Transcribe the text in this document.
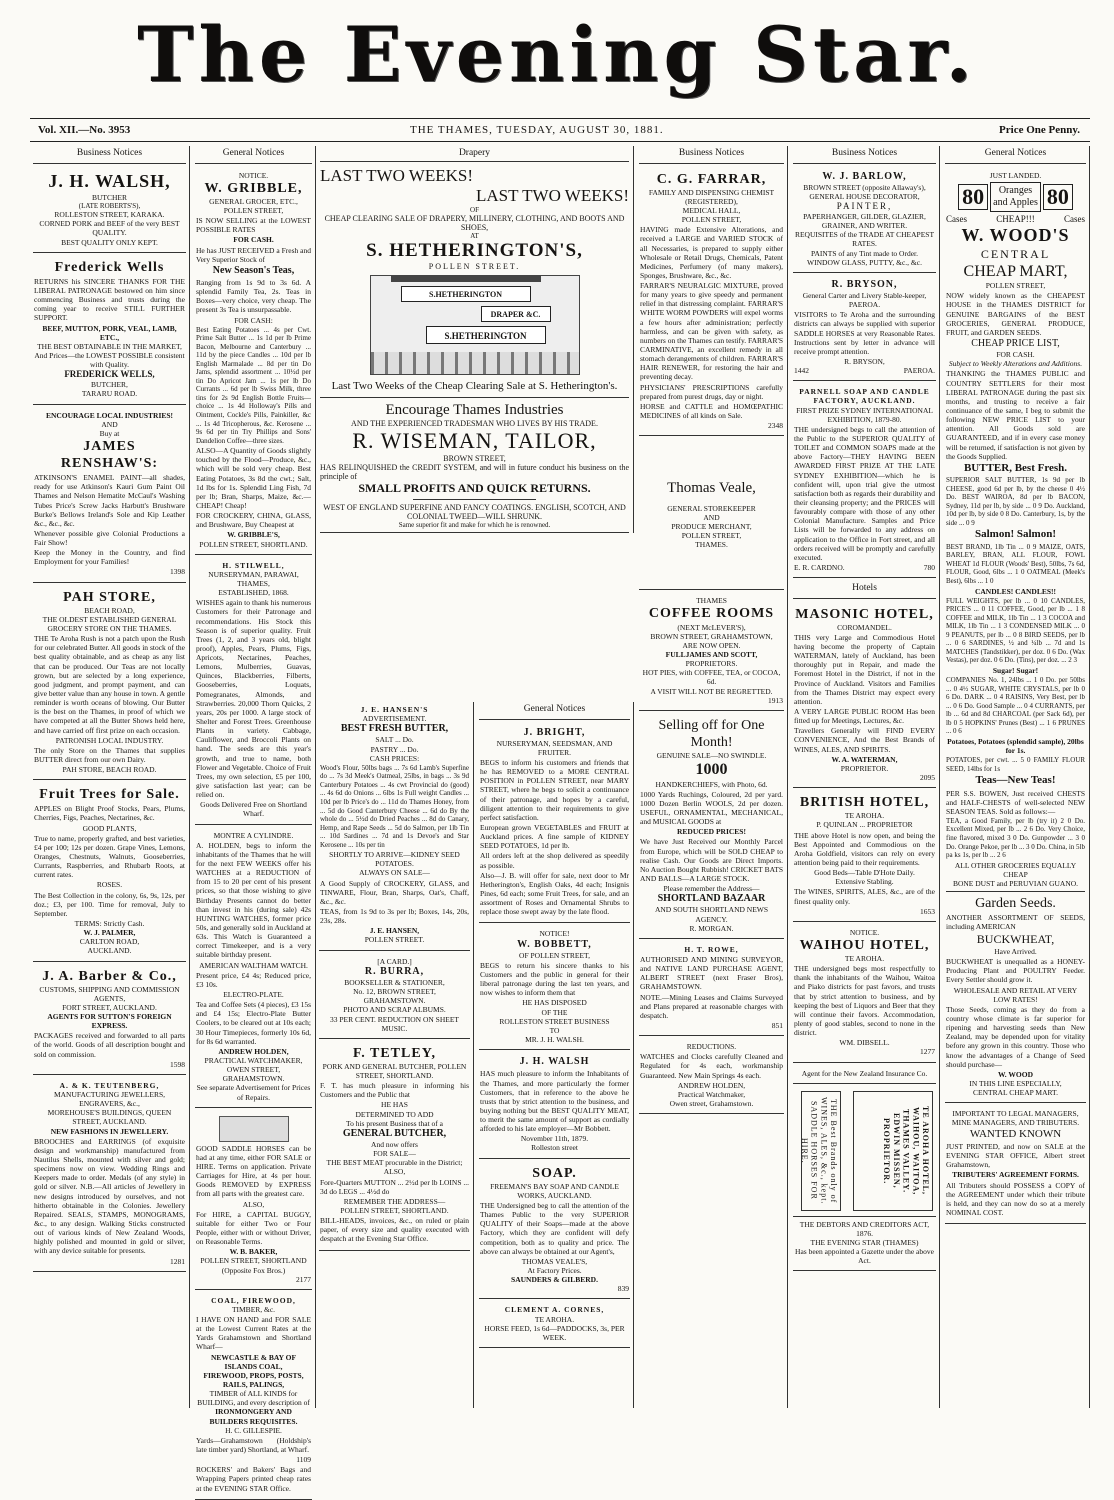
The Evening Star.
Vol. XII.—No. 3953	THE THAMES, TUESDAY, AUGUST 30, 1881.	Price One Penny.
Business Notices
J. H. WALSH,
BUTCHER
(LATE ROBERTS'S),
ROLLESTON STREET, KARAKA.
CORNED PORK and BEEF of the very BEST QUALITY.
BEST QUALITY ONLY KEPT.
Frederick Wells

RETURNS his SINCERE THANKS FOR THE LIBERAL PATRONAGE bestowed on him since commencing Business and trusts during the coming year to receive STILL FURTHER SUPPORT.

BEEF, MUTTON, PORK, VEAL, LAMB, ETC.,
THE BEST OBTAINABLE IN THE MARKET,
And Prices—the LOWEST POSSIBLE consistent with Quality.
FREDERICK WELLS,
BUTCHER,
TARARU ROAD.
ENCOURAGE LOCAL INDUSTRIES!
AND
Buy at
JAMES RENSHAW'S:

ATKINSON'S ENAMEL PAINT—all shades, ready for use Atkinson's Kauri Gum Paint Oil Thames and Nelson Hematite McCaul's Washing Tubes Price's Screw Jacks Harbutt's Brushware Burke's Bellows Ireland's Sole and Kip Leather &c., &c., &c.

Whenever possible give Colonial Productions a Fair Show!

Keep the Money in the Country, and find Employment for your Families!

1398
PAH STORE,
BEACH ROAD,
THE OLDEST ESTABLISHED GENERAL GROCERY STORE ON THE THAMES.

THE Te Aroha Rush is not a patch upon the Rush for our celebrated Butter. All goods in stock of the best quality obtainable, and as cheap as any list that can be produced. Our Teas are not locally grown, but are selected by a long experience, good judgment, and prompt payment, and can give better value than any house in town. A gentle reminder is worth oceans of blowing. Our Butter is the best on the Thames, in proof of which we have competed at all the Butter Shows held here, and have carried off first prize on each occasion.

PATRONISH LOCAL INDUSTRY.

The only Store on the Thames that supplies BUTTER direct from our own Dairy.

PAH STORE, BEACH ROAD.
Fruit Trees for Sale.

APPLES on Blight Proof Stocks, Pears, Plums, Cherries, Figs, Peaches, Nectarines, &c.

GOOD PLANTS,

True to name, properly grafted, and best varieties, £4 per 100; 12s per dozen. Grape Vines, Lemons, Oranges, Chestnuts, Walnuts, Gooseberries, Currants, Raspberries, and Rhubarb Roots, at current rates.

ROSES.

The Best Collection in the colony, 6s, 9s, 12s, per doz.; £3, per 100. Time for removal, July to September.

TERMS: Strictly Cash.
W. J. PALMER,
CARLTON ROAD,
AUCKLAND.
J. A. Barber & Co.,
CUSTOMS, SHIPPING AND COMMISSION AGENTS,
FORT STREET, AUCKLAND.
AGENTS FOR SUTTON'S FOREIGN EXPRESS.

PACKAGES received and forwarded to all parts of the world. Goods of all description bought and sold on commission.

1598
A. & K. TEUTENBERG,
MANUFACTURING JEWELLERS, ENGRAVERS, &c.,
MOREHOUSE'S BUILDINGS, QUEEN STREET, AUCKLAND.
NEW FASHIONS IN JEWELLERY.

BROOCHES and EARRINGS (of exquisite design and workmanship) manufactured from Nautilus Shells, mounted with silver and gold; specimens now on view. Wedding Rings and Keepers made to order. Medals (of any style) in gold or silver. N.B.—All articles of Jewellery in new designs introduced by ourselves, and not hitherto obtainable in the Colonies. Jewellery Repaired. SEALS, STAMPS, MONOGRAMS, &c., to any design. Walking Sticks constructed out of various kinds of New Zealand Woods, highly polished and mounted in gold or silver, with any device suitable for presents.

1281
General Notices
NOTICE.
W. GRIBBLE,
GENERAL GROCER, ETC.,
POLLEN STREET,

IS NOW SELLING at the LOWEST POSSIBLE RATES

FOR CASH.

He has JUST RECEIVED a Fresh and Very Superior Stock of

New Season's Teas,

Ranging from 1s 9d to 3s 6d. A splendid Family Tea, 2s. Teas in Boxes—very choice, very cheap. The present 3s Tea is unsurpassable.

FOR CASH:

Best Eating Potatoes ... 4s per Cwt. Prime Salt Butter ... 1s 1d per lb Prime Bacon, Melbourne and Canterbury ... 11d by the piece Candles ... 10d per lb English Marmalade ... 8d per tin Do Jams, splendid assortment ... 10½d per tin Do Apricot Jam ... 1s per lb Do Currants ... 6d per lb Swiss Milk, three tins for 2s 9d English Bottle Fruits—choice ... 1s 4d Holloway's Pills and Ointment, Cockle's Pills, Painkiller, &c ... 1s 4d Tricopherous, &c. Kerosene ... 9s 6d per tin Try Phillips and Sons' Dandelion Coffee—three sizes.

ALSO—A Quantity of Goods slightly touched by the Flood—Produce, &c., which will be sold very cheap. Best Eating Potatoes, 3s 8d the cwt.; Salt, 1d lbs for 1s. Splendid Ling Fish, 7d per lb; Bran, Sharps, Maize, &c.—CHEAP! Cheap!

FOR CROCKERY, CHINA, GLASS, and Brushware, Buy Cheapest at

W. GRIBBLE'S,
POLLEN STREET, SHORTLAND.
H. STILWELL,
NURSERYMAN, PARAWAI, THAMES,
ESTABLISHED, 1868.

WISHES again to thank his numerous Customers for their Patronage and recommendations. His Stock this Season is of superior quality. Fruit Trees (1, 2, and 3 years old, blight proof), Apples, Pears, Plums, Figs, Apricots, Nectarines, Peaches, Lemons, Mulberries, Guavas, Quinces, Blackberries, Filberts, Gooseberries, Loquats, Pomegranates, Almonds, and Strawberries. 20,000 Thorn Quicks, 2 years, 20s per 1000. A large stock of Shelter and Forest Trees. Greenhouse Plants in variety. Cabbage, Cauliflower, and Broccoli Plants on hand. The seeds are this year's growth, and true to name, both Flower and Vegetable. Choice of Fruit Trees, my own selection, £5 per 100, give satisfaction last year; can be relied on.

Goods Delivered Free on Shortland Wharf.
MONTRE A CYLINDRE.

A. HOLDEN, begs to inform the inhabitants of the Thames that he will for the next FEW WEEKS offer his WATCHES at a REDUCTION of from 15 to 20 per cent of his present prices, so that those wishing to give Birthday Presents cannot do better than invest in his (during sale) 42s HUNTING WATCHES, former price 50s, and generally sold in Auckland at 63s. This Watch is Guaranteed a correct Timekeeper, and is a very suitable birthday present.

AMERICAN WALTHAM WATCH.

Present price, £4 4s; Reduced price, £3 10s.

ELECTRO-PLATE.

Tea and Coffee Sets (4 pieces), £3 15s and £4 15s; Electro-Plate Butter Coolers, to be cleared out at 10s each; 30 Hour Timepieces, formerly 10s 6d, for 8s 6d warranted.

ANDREW HOLDEN,
PRACTICAL WATCHMAKER,
OWEN STREET, GRAHAMSTOWN.
See separate Advertisement for Prices of Repairs.

GOOD SADDLE HORSES can be had at any time, either FOR SALE or HIRE. Terms on application. Private Carriages for Hire, at 4s per hour. Goods REMOVED by EXPRESS from all parts with the greatest care.

ALSO,

For HIRE, a CAPITAL BUGGY, suitable for either Two or Four People, either with or without Driver, on Reasonable Terms.

W. B. BAKER,
POLLEN STREET, SHORTLAND
(Opposite Fox Bros.)
2177
COAL, FIREWOOD,
TIMBER, &c.

I HAVE ON HAND and FOR SALE at the Lowest Current Rates at the Yards Grahamstown and Shortland Wharf—

NEWCASTLE & BAY OF ISLANDS COAL,
FIREWOOD, PROPS, POSTS, RAILS, PALINGS,
TIMBER of ALL KINDS for BUILDING, and every description of
IRONMONGERY AND BUILDERS REQUISITES.
H. C. GILLESPIE.

Yards—Grahamstown (Holdship's late timber yard) Shortland, at Wharf.

1109

ROCKERS' and Bakers' Bags and Wrapping Papers printed cheap rates at the EVENING STAR Office.

Drapery
LAST TWO WEEKS!
LAST TWO WEEKS!
OF

CHEAP CLEARING SALE OF DRAPERY, MILLINERY, CLOTHING, AND BOOTS AND SHOES,

AT
S. HETHERINGTON'S,
POLLEN STREET.
S.HETHERINGTON
DRAPER &C.
S.HETHERINGTON
Last Two Weeks of the Cheap Clearing Sale at S. Hetherington's.
Encourage Thames Industries
AND THE EXPERIENCED TRADESMAN WHO LIVES BY HIS TRADE.
R. WISEMAN, TAILOR,
BROWN STREET,

HAS RELINQUISHED the CREDIT SYSTEM, and will in future conduct his business on the principle of

SMALL PROFITS AND QUICK RETURNS.

WEST OF ENGLAND SUPERFINE AND FANCY COATINGS. ENGLISH, SCOTCH, AND COLONIAL TWEED—WILL SHRUNK.

Same superior fit and make for which he is renowned.
J. E. HANSEN'S
ADVERTISEMENT.
BEST FRESH BUTTER,
SALT ... Do.
PASTRY ... Do.
CASH PRICES:

Wood's Flour, 50lbs bags ... 7s 6d Lamb's Superfine do ... 7s 3d Meek's Oatmeal, 25lbs, in bags ... 3s 9d Canterbury Potatoes ... 4s cwt Provincial do (good) ... 4s 6d do Onions ... 6lbs 1s Full weight Candles ... 10d per lb Price's do ... 11d do Thames Honey, from ... 5d do Good Canterbury Cheese ... 6d do By the whole do ... 5½d do Dried Peaches ... 8d do Canary, Hemp, and Rape Seeds ... 5d do Salmon, per 1lb Tin ... 10d Sardines ... 7d and 1s Devoe's and Star Kerosene ... 10s per tin

SHORTLY TO ARRIVE—KIDNEY SEED POTATOES.
ALWAYS ON SALE—

A Good Supply of CROCKERY, GLASS, and TINWARE, Flour, Bran, Sharps, Oat's, Chaff, &c., &c.

TEAS, from 1s 9d to 3s per lb; Boxes, 14s, 20s, 23s, 28s.

J. E. HANSEN,
POLLEN STREET.
[A CARD.]
R. BURRA,
BOOKSELLER & STATIONER,
No. 12, BROWN STREET,
GRAHAMSTOWN.
PHOTO AND SCRAP ALBUMS.
33 PER CENT. REDUCTION ON SHEET MUSIC.
F. TETLEY,
PORK AND GENERAL BUTCHER, POLLEN STREET, SHORTLAND.

F. T. has much pleasure in informing his Customers and the Public that

HE HAS
DETERMINED TO ADD
To his present Business that of a
GENERAL BUTCHER,
And now offers
FOR SALE—
THE BEST MEAT procurable in the District;
ALSO,

Fore-Quarters MUTTON ... 2½d per lb LOINS ... 3d do LEGS ... 4½d do

REMEMBER THE ADDRESS—
POLLEN STREET, SHORTLAND.

BILL-HEADS, invoices, &c., on ruled or plain paper, of every size and quality executed with despatch at the Evening Star Office.

General Notices
J. BRIGHT,
NURSERYMAN, SEEDSMAN, AND FRUITER.

BEGS to inform his customers and friends that he has REMOVED to a MORE CENTRAL POSITION in POLLEN STREET, near MARY STREET, where he begs to solicit a continuance of their patronage, and hopes by a careful, diligent attention to their requirements to give perfect satisfaction.

European grown VEGETABLES and FRUIT at Auckland prices. A fine sample of KIDNEY SEED POTATOES, 1d per lb.

All orders left at the shop delivered as speedily as possible.

Also—J. B. will offer for sale, next door to Mr Hetherington's, English Oaks, 4d each; Insignis Pines, 6d each; some Fruit Trees, for sale, and an assortment of Roses and Ornamental Shrubs to replace those swept away by the late flood.

NOTICE!
W. BOBBETT,
OF POLLEN STREET,

BEGS to return his sincere thanks to his Customers and the public in general for their liberal patronage during the last ten years, and now wishes to inform them that

HE HAS DISPOSED
OF THE
ROLLESTON STREET BUSINESS
TO
MR. J. H. WALSH.
J. H. WALSH

HAS much pleasure to inform the Inhabitants of the Thames, and more particularly the former Customers, that in reference to the above he trusts that by strict attention to the business, and buying nothing but the BEST QUALITY MEAT, to merit the same amount of support as cordially afforded to his late employer—Mr Bobbett.

November 11th, 1879.
Rolleston street
SOAP.
FREEMAN'S BAY SOAP AND CANDLE WORKS, AUCKLAND.

THE Undersigned beg to call the attention of the Thames Public to the very SUPERIOR QUALITY of their Soaps—made at the above Factory, which they are confident will defy competition, both as to quality and price. The above can always be obtained at our Agent's,

THOMAS VEALE'S,
At Factory Prices.
SAUNDERS & GILBERD.
839
CLEMENT A. CORNES,
TE AROHA.
HORSE FEED, 1s 6d—PADDOCKS, 3s, PER WEEK.
Business Notices
C. G. FARRAR,
FAMILY AND DISPENSING CHEMIST (REGISTERED),
MEDICAL HALL,
POLLEN STREET,

HAVING made Extensive Alterations, and received a LARGE and VARIED STOCK of all Necessaries, is prepared to supply either Wholesale or Retail Drugs, Chemicals, Patent Medicines, Perfumery (of many makers), Sponges, Brushware, &c., &c.

FARRAR'S NEURALGIC MIXTURE, proved for many years to give speedy and permanent relief in that distressing complaint. FARRAR'S WHITE WORM POWDERS will expel worms a few hours after administration; perfectly harmless, and can be given with safety, as numbers on the Thames can testify. FARRAR'S CARMINATIVE, an excellent remedy in all stomach derangements of children. FARRAR'S HAIR RENEWER, for restoring the hair and preventing decay.

PHYSICIANS' PRESCRIPTIONS carefully prepared from purest drugs, day or night.

HORSE and CATTLE and HOMŒPATHIC MEDICINES of all kinds on Sale.

2348
Thomas Veale,
GENERAL STOREKEEPER
AND
PRODUCE MERCHANT,
POLLEN STREET,
THAMES.
THAMES
COFFEE ROOMS
(NEXT McLEVER'S),
BROWN STREET, GRAHAMSTOWN,
ARE NOW OPEN.
FULLJAMES AND SCOTT,
PROPRIETORS.
HOT PIES, with COFFEE, TEA, or COCOA, 6d.
A VISIT WILL NOT BE REGRETTED.
1913
Selling off for One Month!
GENUINE SALE—NO SWINDLE.
1000
HANDKERCHIEFS, with Photo, 6d.

1000 Yards Ruchings, Coloured, 2d per yard. 1000 Dozen Berlin WOOLS, 2d per dozen. USEFUL, ORNAMENTAL, MECHANICAL, and MUSICAL GOODS at

REDUCED PRICES!

We have Just Received our Monthly Parcel from Europe, which will be SOLD CHEAP to realise Cash. Our Goods are Direct Imports. No Auction Bought Rubbish! CRICKET BATS AND BALLS—A LARGE STOCK.

Please remember the Address—
SHORTLAND BAZAAR
AND SOUTH SHORTLAND NEWS AGENCY.
R. MORGAN.
H. T. ROWE,

AUTHORISED AND MINING SURVEYOR, and NATIVE LAND PURCHASE AGENT, ALBERT STREET (next Fraser Bros), GRAHAMSTOWN.

NOTE.—Mining Leases and Claims Surveyed and Plans prepared at reasonable charges with despatch.

851
REDUCTIONS.

WATCHES and Clocks carefully Cleaned and Regulated for 4s each, workmanship Guaranteed. New Main Springs 4s each.

ANDREW HOLDEN,
Practical Watchmaker,
Owen street, Grahamstown.
Business Notices
W. J. BARLOW,
BROWN STREET (opposite Allaway's),
GENERAL HOUSE DECORATOR,
PAINTER,
PAPERHANGER, GILDER, GLAZIER, GRAINER, AND WRITER.
REQUISITES of the TRADE AT CHEAPEST RATES.
PAINTS of any Tint made to Order.
WINDOW GLASS, PUTTY, &c., &c.
R. BRYSON,
General Carter and Livery Stable-keeper, PAEROA.

VISITORS to Te Aroha and the surrounding districts can always be supplied with superior SADDLE HORSES at very Reasonable Rates. Instructions sent by letter in advance will receive prompt attention.

R. BRYSON,
1442	PAEROA.
PARNELL SOAP AND CANDLE FACTORY, AUCKLAND.
FIRST PRIZE SYDNEY INTERNATIONAL EXHIBITION, 1879-80.

THE undersigned begs to call the attention of the Public to the SUPERIOR QUALITY of TOILET and COMMON SOAPS made at the above Factory—THEY HAVING BEEN AWARDED FIRST PRIZE AT THE LATE SYDNEY EXHIBITION—which he is confident will, upon trial give the utmost satisfaction both as regards their durability and their cleansing property; and the PRICES will favourably compare with those of any other Colonial Manufacture. Samples and Price Lists will be forwarded to any address on application to the Office in Fort street, and all orders received will be promptly and carefully executed.

E. R. CARDNO.	780
Hotels
MASONIC HOTEL,
COROMANDEL.

THIS very Large and Commodious Hotel having become the property of Captain WATERMAN, lately of Auckland, has been thoroughly put in Repair, and made the Foremost Hotel in the District, if not in the Province of Auckland. Visitors and Families from the Thames District may expect every attention.

A VERY LARGE PUBLIC ROOM Has been fitted up for Meetings, Lectures, &c.

Travellers Generally will FIND EVERY CONVENIENCE, And the Best Brands of WINES, ALES, AND SPIRITS.

W. A. WATERMAN,
PROPRIETOR.
2095
BRITISH HOTEL,
TE AROHA.
P. QUINLAN ... PROPRIETOR

THE above Hotel is now open, and being the Best Appointed and Commodious on the Aroha Goldfield, visitors can rely on every attention being paid to their requirements.

Good Beds—Table D'Hote Daily.
Extensive Stabling.

The WINES, SPIRITS, ALES, &c., are of the finest quality only.

1653
NOTICE.
WAIHOU HOTEL,
TE AROHA.

THE undersigned begs most respectfully to thank the inhabitants of the Waihou, Waitoa and Piako districts for past favors, and trusts that by strict attention to business, and by keeping the best of Liquors and Beer that they will continue their favors. Accommodation, plenty of good stables, second to none in the district.

WM. DIBSELL.
1277
Agent for the New Zealand Insurance Co.
THE Best Brands only of WINES, ALES, &c., kept. SADDLE HORSES FOR HIRE.	TE AROHA HOTEL, WAIHOU, WAITOA, THAMES VALLEY. EDWIN MISSEN, PROPRIETOR.
THE DEBTORS AND CREDITORS ACT, 1876.
THE EVENING STAR (THAMES)
Has been appointed a Gazette under the above Act.
General Notices
JUST LANDED.
80	Oranges
and Apples 80
Cases	CHEAP!!!	Cases
W. WOOD'S
CENTRAL
CHEAP MART,
POLLEN STREET,

NOW widely known as the CHEAPEST HOUSE in the THAMES DISTRICT for GENUINE BARGAINS of the BEST GROCERIES, GENERAL PRODUCE, FRUIT, and GARDEN SEEDS.

CHEAP PRICE LIST,
FOR CASH.
Subject to Weekly Alterations and Additions.

THANKING the THAMES PUBLIC and COUNTRY SETTLERS for their most LIBERAL PATRONAGE during the past six months, and trusting to receive a fair continuance of the same, I beg to submit the following NEW PRICE LIST to your attention. All Goods sold are GUARANTEED, and if in every case money will be returned, if satisfaction is not given by the Goods Supplied.

BUTTER, Best Fresh.

SUPERIOR SALT BUTTER, 1s 9d per lb CHEESE, good 6d per lb, by the cheese 0 4½ Do. BEST WAIROA, 8d per lb BACON, Sydney, 11d per lb, by side ... 0 9 Do. Auckland, 10d per lb, by side 0 8 Do. Canterbury, 1s, by the side ... 0 9

Salmon! Salmon!

BEST BRAND, 1lb Tin ... 0 9 MAIZE, OATS, BARLEY, BRAN, ALL FLOUR, FOWL WHEAT 1d FLOUR (Woods' Best), 50lbs, 7s 6d, FLOUR, Good, 6lbs ... 1 0 OATMEAL (Meek's Best), 6lbs ... 1 0

CANDLES! CANDLES!!

FULL WEIGHTS, per lb ... 0 10 CANDLES, PRICE'S ... 0 11 COFFEE, Good, per lb ... 1 8 COFFEE and MILK, 1lb Tin ... 1 3 COCOA and MILK, 1lb Tin ... 1 3 CONDENSED MILK ... 0 9 PEANUTS, per lb ... 0 8 BIRD SEEDS, per lb ... 0 6 SARDINES, ½ and ¼lb ... 7d and 1s MATCHES (Tandstikker), per doz. 0 6 Do. (Wax Vestas), per doz. 0 6 Do. (Tins), per doz. ... 2 3

Sugar! Sugar!

COMPANIES No. 1, 24lbs ... 1 0 Do. per 50lbs ... 0 4½ SUGAR, WHITE CRYSTALS, per lb 0 6 Do. DARK ... 0 4 RAISINS, Very Best, per lb ... 0 6 Do. Good Sample ... 0 4 CURRANTS, per lb ... 6d and 8d CHARCOAL (per Sack 6d), per lb 0 5 HOPKINS' Prunes (Best) ... 1 6 PRUNES ... 0 6

Potatoes, Potatoes (splendid sample), 20lbs for 1s.

POTATOES, per cwt. ... 5 0 FAMILY FLOUR SEED, 14lbs for 1s

Teas—New Teas!

PER S.S. BOWEN, Just received CHESTS and HALF-CHESTS of well-selected NEW SEASON TEAS. Sold as follows:—

TEA, a Good Family, per lb (try it) 2 0 Do. Excellent Mixed, per lb ... 2 6 Do. Very Choice, fine flavored, mixed 3 0 Do. Gunpowder ... 3 0 Do. Orange Pekoe, per lb ... 3 0 Do. China, in 5lb pa ks 1s, per lb ... 2 6

ALL OTHER GROCERIES EQUALLY CHEAP
BONE DUST and PERUVIAN GUANO.
Garden Seeds.

ANOTHER ASSORTMENT OF SEEDS, including AMERICAN

BUCKWHEAT,
Have Arrived.

BUCKWHEAT is unequalled as a HONEY-Producing Plant and POULTRY Feeder. Every Settler should grow it.

WHOLESALE AND RETAIL AT VERY LOW RATES!

Those Seeds, coming as they do from a country whose climate is far superior for ripening and harvesting seeds than New Zealand, may be depended upon for vitality before any grown in this country. Those who know the advantages of a Change of Seed should purchase—

W. WOOD
IN THIS LINE ESPECIALLY,
CENTRAL CHEAP MART.
IMPORTANT TO LEGAL MANAGERS, MINE MANAGERS, AND TRIBUTERS.
WANTED KNOWN

JUST PRINTED, and now on SALE at the EVENING STAR OFFICE, Albert street Grahamstown,

TRIBUTERS' AGREEMENT FORMS.

All Tributers should POSSESS a COPY of the AGREEMENT under which their tribute is held, and they can now do so at a merely NOMINAL COST.
